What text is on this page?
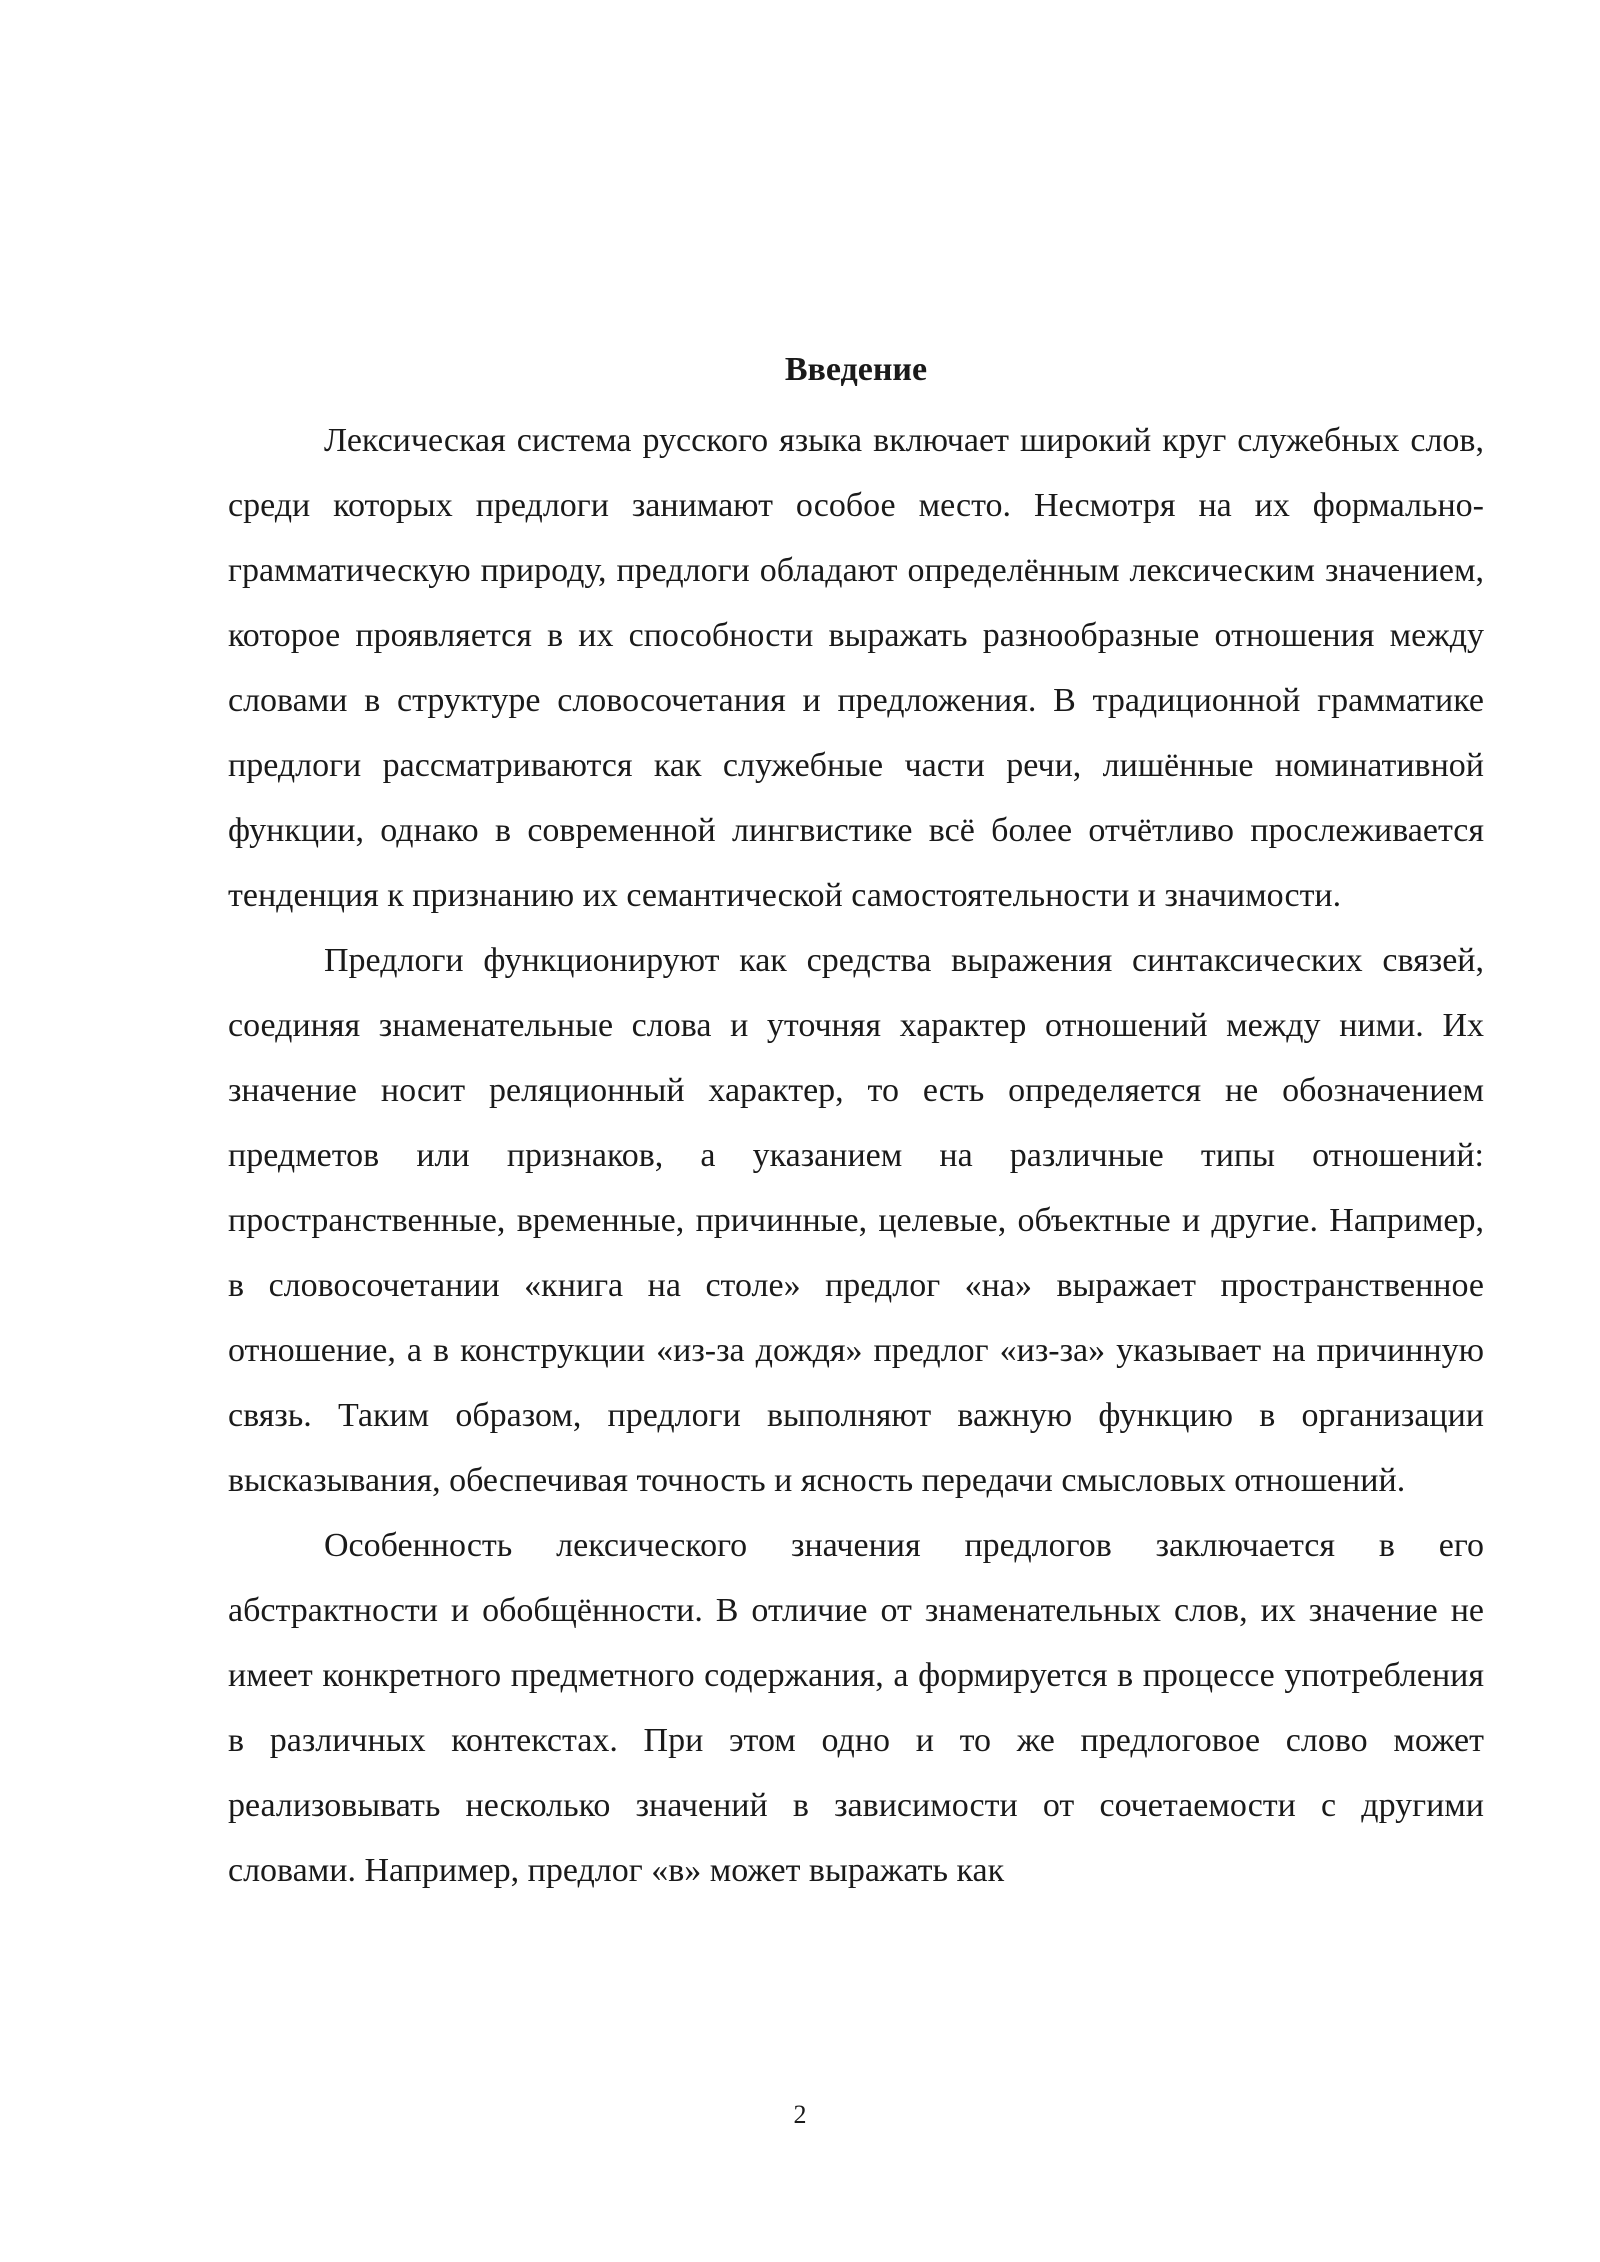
Введение

Лексическая система русского языка включает широкий круг служебных слов, среди которых предлоги занимают особое место. Несмотря на их формально-грамматическую природу, предлоги обладают определённым лексическим значением, которое проявляется в их способности выражать разнообразные отношения между словами в структуре словосочетания и предложения. В традиционной грамматике предлоги рассматриваются как служебные части речи, лишённые номинативной функции, однако в современной лингвистике всё более отчётливо прослеживается тенденция к признанию их семантической самостоятельности и значимости.

Предлоги функционируют как средства выражения синтаксических связей, соединяя знаменательные слова и уточняя характер отношений между ними. Их значение носит реляционный характер, то есть определяется не обозначением предметов или признаков, а указанием на различные типы отношений: пространственные, временные, причинные, целевые, объектные и другие. Например, в словосочетании «книга на столе» предлог «на» выражает пространственное отношение, а в конструкции «из-за дождя» предлог «из-за» указывает на причинную связь. Таким образом, предлоги выполняют важную функцию в организации высказывания, обеспечивая точность и ясность передачи смысловых отношений.

Особенность лексического значения предлогов заключается в его абстрактности и обобщённости. В отличие от знаменательных слов, их значение не имеет конкретного предметного содержания, а формируется в процессе употребления в различных контекстах. При этом одно и то же предлоговое слово может реализовывать несколько значений в зависимости от сочетаемости с другими словами. Например, предлог «в» может выражать как

2
